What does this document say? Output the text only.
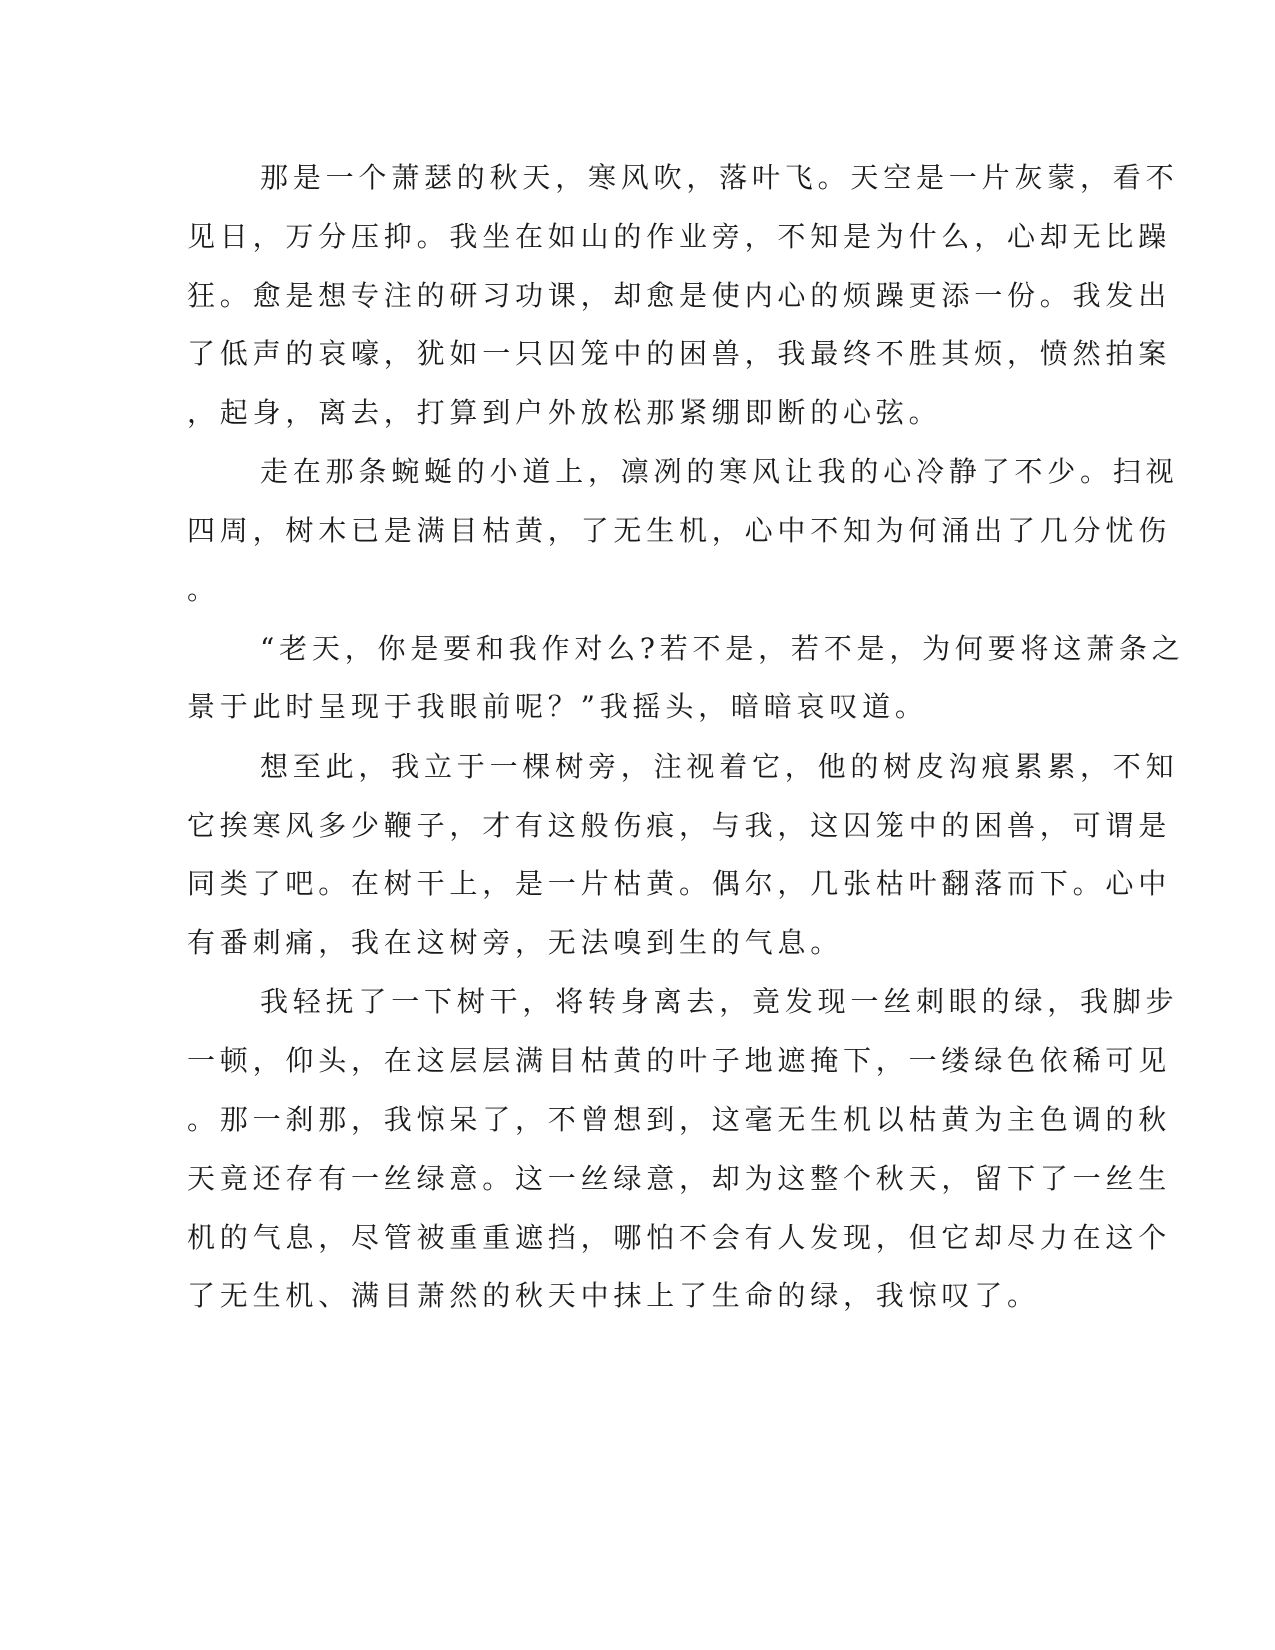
那是一个萧瑟的秋天，寒风吹，落叶飞。天空是一片灰蒙，看不
见日，万分压抑。我坐在如山的作业旁，不知是为什么，心却无比躁
狂。愈是想专注的研习功课，却愈是使内心的烦躁更添一份。我发出
了低声的哀嚎，犹如一只囚笼中的困兽，我最终不胜其烦，愤然拍案
，起身，离去，打算到户外放松那紧绷即断的心弦。
走在那条蜿蜒的小道上，凛冽的寒风让我的心冷静了不少。扫视
四周，树木已是满目枯黄，了无生机，心中不知为何涌出了几分忧伤
。
“老天，你是要和我作对么?若不是，若不是，为何要将这萧条之
景于此时呈现于我眼前呢？”我摇头，暗暗哀叹道。
想至此，我立于一棵树旁，注视着它，他的树皮沟痕累累，不知
它挨寒风多少鞭子，才有这般伤痕，与我，这囚笼中的困兽，可谓是
同类了吧。在树干上，是一片枯黄。偶尔，几张枯叶翻落而下。心中
有番刺痛，我在这树旁，无法嗅到生的气息。
我轻抚了一下树干，将转身离去，竟发现一丝刺眼的绿，我脚步
一顿，仰头，在这层层满目枯黄的叶子地遮掩下，一缕绿色依稀可见
。那一刹那，我惊呆了，不曾想到，这毫无生机以枯黄为主色调的秋
天竟还存有一丝绿意。这一丝绿意，却为这整个秋天，留下了一丝生
机的气息，尽管被重重遮挡，哪怕不会有人发现，但它却尽力在这个
了无生机、满目萧然的秋天中抹上了生命的绿，我惊叹了。
